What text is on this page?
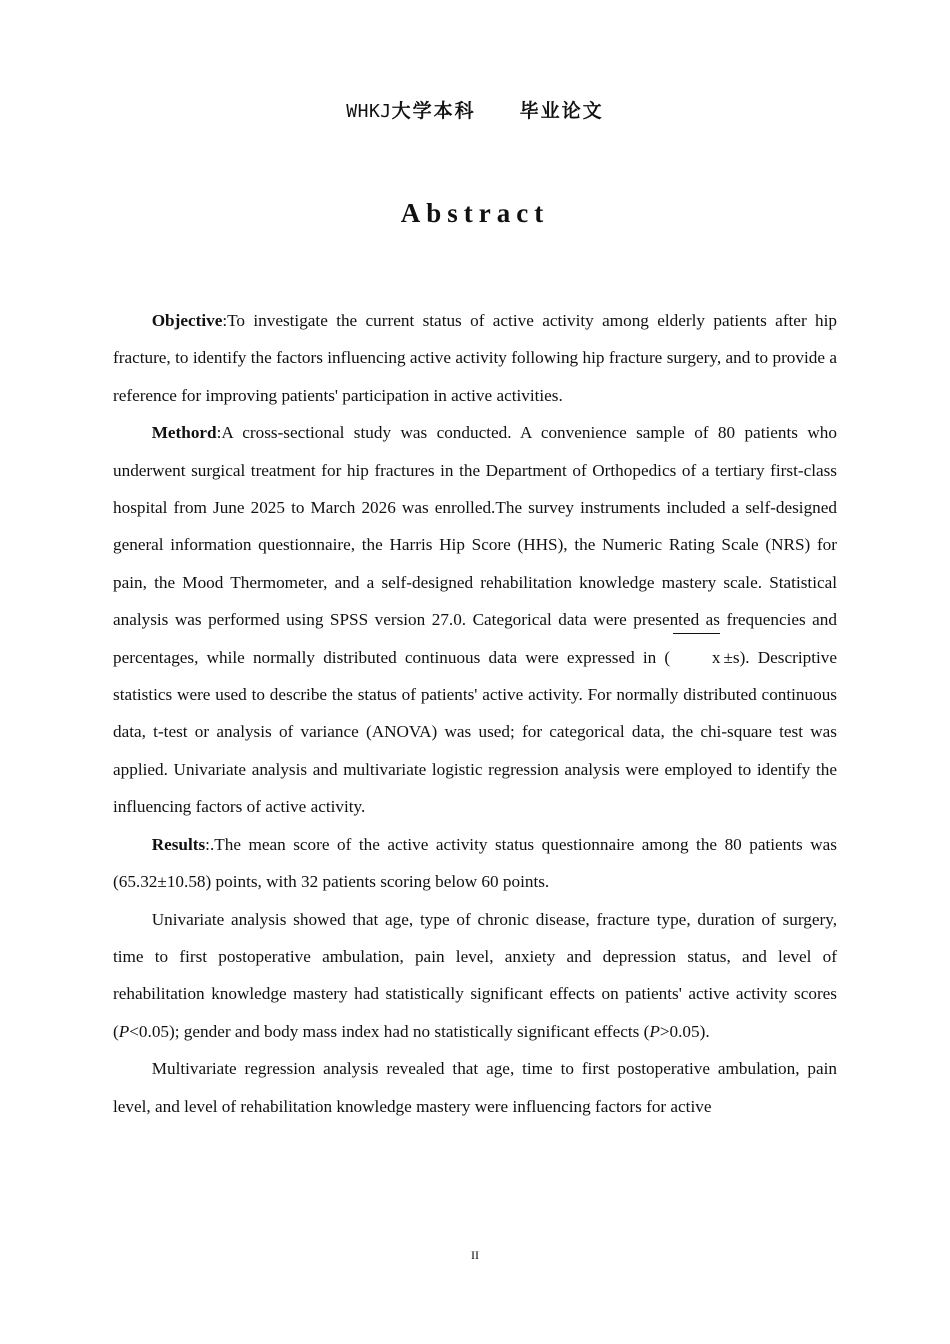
WHKJ大学本科 毕业论文
Abstract

Objective:To investigate the current status of active activity among elderly patients after hip fracture, to identify the factors influencing active activity following hip fracture surgery, and to provide a reference for improving patients' participation in active activities.

Methord:A cross-sectional study was conducted. A convenience sample of 80 patients who underwent surgical treatment for hip fractures in the Department of Orthopedics of a tertiary first-class hospital from June 2025 to March 2026 was enrolled.The survey instruments included a self-designed general information questionnaire, the Harris Hip Score (HHS), the Numeric Rating Scale (NRS) for pain, the Mood Thermometer, and a self-designed rehabilitation knowledge mastery scale. Statistical analysis was performed using SPSS version 27.0. Categorical data were presented as frequencies and percentages, while normally distributed continuous data were expressed in ( x ±s). Descriptive statistics were used to describe the status of patients' active activity. For normally distributed continuous data, t-test or analysis of variance (ANOVA) was used; for categorical data, the chi-square test was applied. Univariate analysis and multivariate logistic regression analysis were employed to identify the influencing factors of active activity.

Results:.The mean score of the active activity status questionnaire among the 80 patients was (65.32±10.58) points, with 32 patients scoring below 60 points.

Univariate analysis showed that age, type of chronic disease, fracture type, duration of surgery, time to first postoperative ambulation, pain level, anxiety and depression status, and level of rehabilitation knowledge mastery had statistically significant effects on patients' active activity scores (P<0.05); gender and body mass index had no statistically significant effects (P>0.05).

Multivariate regression analysis revealed that age, time to first postoperative ambulation, pain level, and level of rehabilitation knowledge mastery were influencing factors for active

II
